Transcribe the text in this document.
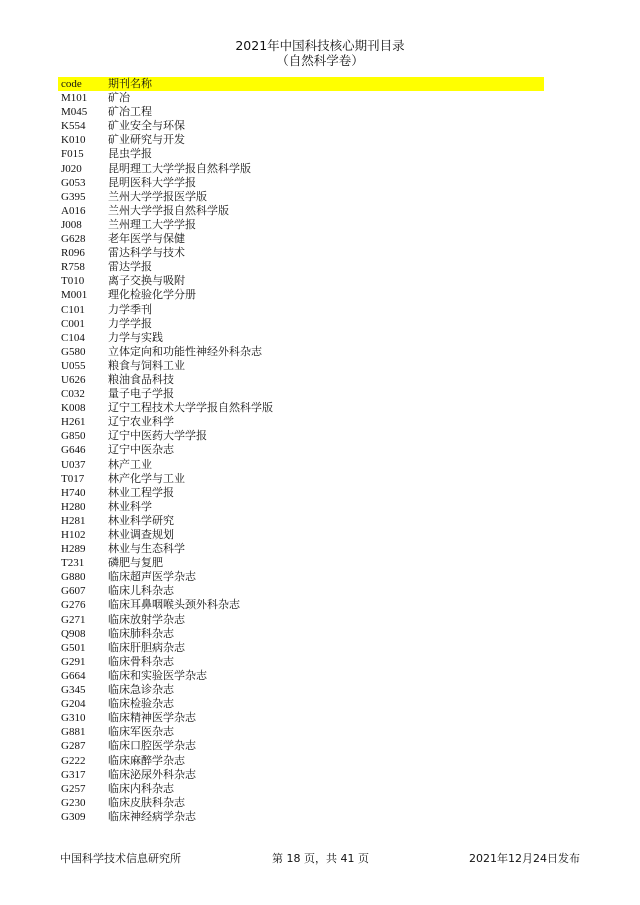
2021年中国科技核心期刊目录
（自然科学卷）
code	期刊名称
M101	矿冶
M045	矿冶工程
K554	矿业安全与环保
K010	矿业研究与开发
F015	昆虫学报
J020	昆明理工大学学报自然科学版
G053	昆明医科大学学报
G395	兰州大学学报医学版
A016	兰州大学学报自然科学版
J008	兰州理工大学学报
G628	老年医学与保健
R096	雷达科学与技术
R758	雷达学报
T010	离子交换与吸附
M001	理化检验化学分册
C101	力学季刊
C001	力学学报
C104	力学与实践
G580	立体定向和功能性神经外科杂志
U055	粮食与饲料工业
U626	粮油食品科技
C032	量子电子学报
K008	辽宁工程技术大学学报自然科学版
H261	辽宁农业科学
G850	辽宁中医药大学学报
G646	辽宁中医杂志
U037	林产工业
T017	林产化学与工业
H740	林业工程学报
H280	林业科学
H281	林业科学研究
H102	林业调查规划
H289	林业与生态科学
T231	磷肥与复肥
G880	临床超声医学杂志
G607	临床儿科杂志
G276	临床耳鼻咽喉头颈外科杂志
G271	临床放射学杂志
Q908	临床肺科杂志
G501	临床肝胆病杂志
G291	临床骨科杂志
G664	临床和实验医学杂志
G345	临床急诊杂志
G204	临床检验杂志
G310	临床精神医学杂志
G881	临床军医杂志
G287	临床口腔医学杂志
G222	临床麻醉学杂志
G317	临床泌尿外科杂志
G257	临床内科杂志
G230	临床皮肤科杂志
G309	临床神经病学杂志
中国科学技术信息研究所	第 18 页，共 41 页	2021年12月24日发布
